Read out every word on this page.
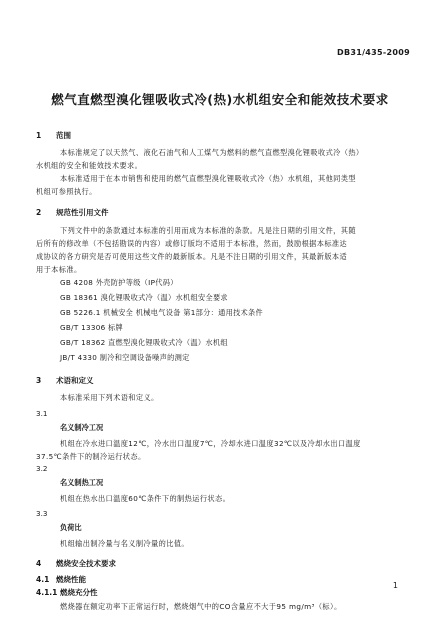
DB31/435-2009
燃气直燃型溴化锂吸收式冷(热)水机组安全和能效技术要求
1 范围
本标准规定了以天然气、液化石油气和人工煤气为燃料的燃气直燃型溴化锂吸收式冷（热）
水机组的安全和能效技术要求。
本标准适用于在本市销售和使用的燃气直燃型溴化锂吸收式冷（热）水机组，其他同类型
机组可参照执行。
2 规范性引用文件
下列文件中的条款通过本标准的引用而成为本标准的条款。凡是注日期的引用文件，其随
后所有的修改单（不包括勘误的内容）或修订版均不适用于本标准，然而，鼓励根据本标准达
成协议的各方研究是否可使用这些文件的最新版本。凡是不注日期的引用文件，其最新版本适
用于本标准。
GB 4208 外壳防护等级（IP代码）
GB 18361 溴化锂吸收式冷（温）水机组安全要求
GB 5226.1 机械安全 机械电气设备 第1部分：通用技术条件
GB/T 13306 标牌
GB/T 18362 直燃型溴化锂吸收式冷（温）水机组
JB/T 4330 制冷和空调设备噪声的测定
3 术语和定义
本标准采用下列术语和定义。
3.1
名义制冷工况
机组在冷水进口温度12℃，冷水出口温度7℃，冷却水进口温度32℃以及冷却水出口温度
37.5℃条件下的制冷运行状态。
3.2
名义制热工况
机组在热水出口温度60℃条件下的制热运行状态。
3.3
负荷比
机组输出制冷量与名义制冷量的比值。
4 燃烧安全技术要求
4.1 燃烧性能
4.1.1 燃烧充分性
燃烧器在额定功率下正常运行时，燃烧烟气中的CO含量应不大于95 mg/m³（标）。
1
